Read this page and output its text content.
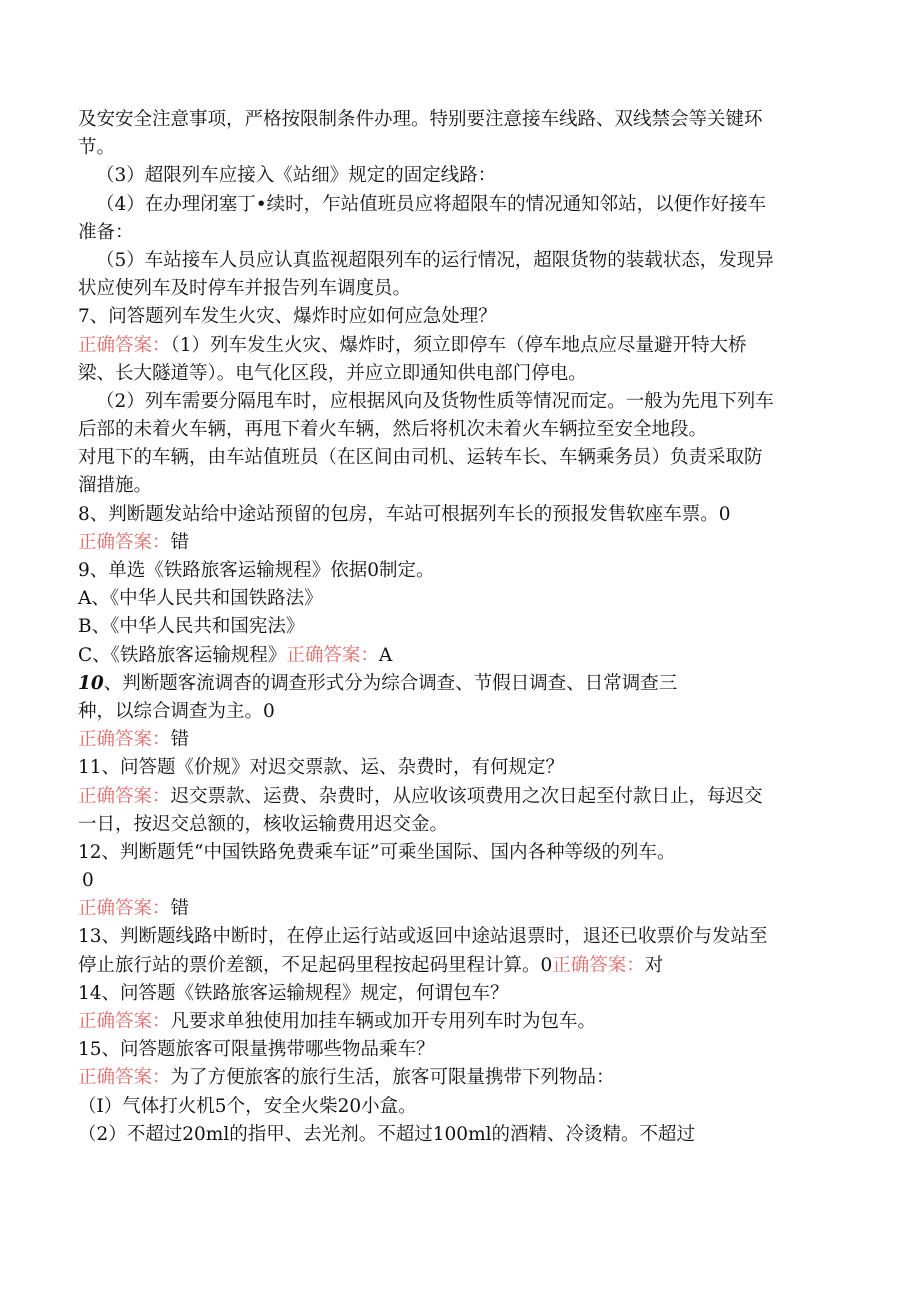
及安安全注意事项，严格按限制条件办理。特别要注意接车线路、双线禁会等关键环
节。
（3）超限列车应接入《站细》规定的固定线路：
（4）在办理闭塞丁•续时，乍站值班员应将超限车的情况通知邻站，以便作好接车
准备：
（5）车站接车人员应认真监视超限列车的运行情况，超限货物的装载状态，发现异
状应使列车及时停车并报告列车调度员。
7、问答题列车发生火灾、爆炸时应如何应急处理？
正确答案：（1）列车发生火灾、爆炸时，须立即停车（停车地点应尽量避开特大桥
梁、长大隧道等）。电气化区段，并应立即通知供电部门停电。
（2）列车需要分隔甩车时，应根据风向及货物性质等情况而定。一般为先甩下列车
后部的未着火车辆，再甩下着火车辆，然后将机次未着火车辆拉至安全地段。
对甩下的车辆，由车站值班员（在区间由司机、运转车长、车辆乘务员）负责采取防
溜措施。
8、判断题发站给中途站预留的包房，车站可根据列车长的预报发售软座车票。0
正确答案：错
9、单选《铁路旅客运输规程》依据0制定。
A、《中华人民共和国铁路法》
B、《中华人民共和国宪法》
C、《铁路旅客运输规程》正确答案：A
10、判断题客流调杳的调查形式分为综合调查、节假日调查、日常调查三
种，以综合调查为主。0
正确答案：错
11、问答题《价规》对迟交票款、运、杂费时，有何规定？
正确答案：迟交票款、运费、杂费时，从应收该项费用之次日起至付款日止，每迟交
一日，按迟交总额的，核收运输费用迟交金。
12、判断题凭“中国铁路免费乘车证”可乘坐国际、国内各种等级的列车。
0
正确答案：错
13、判断题线路中断时，在停止运行站或返回中途站退票时，退还已收票价与发站至
停止旅行站的票价差额，不足起码里程按起码里程计算。0正确答案：对
14、问答题《铁路旅客运输规程》规定，何谓包车？
正确答案：凡要求单独使用加挂车辆或加开专用列车时为包车。
15、问答题旅客可限量携带哪些物品乘车？
正确答案：为了方便旅客的旅行生活，旅客可限量携带下列物品：
（I）气体打火机5个，安全火柴20小盒。
（2）不超过20ml的指甲、去光剂。不超过100ml的酒精、冷烫精。不超过
